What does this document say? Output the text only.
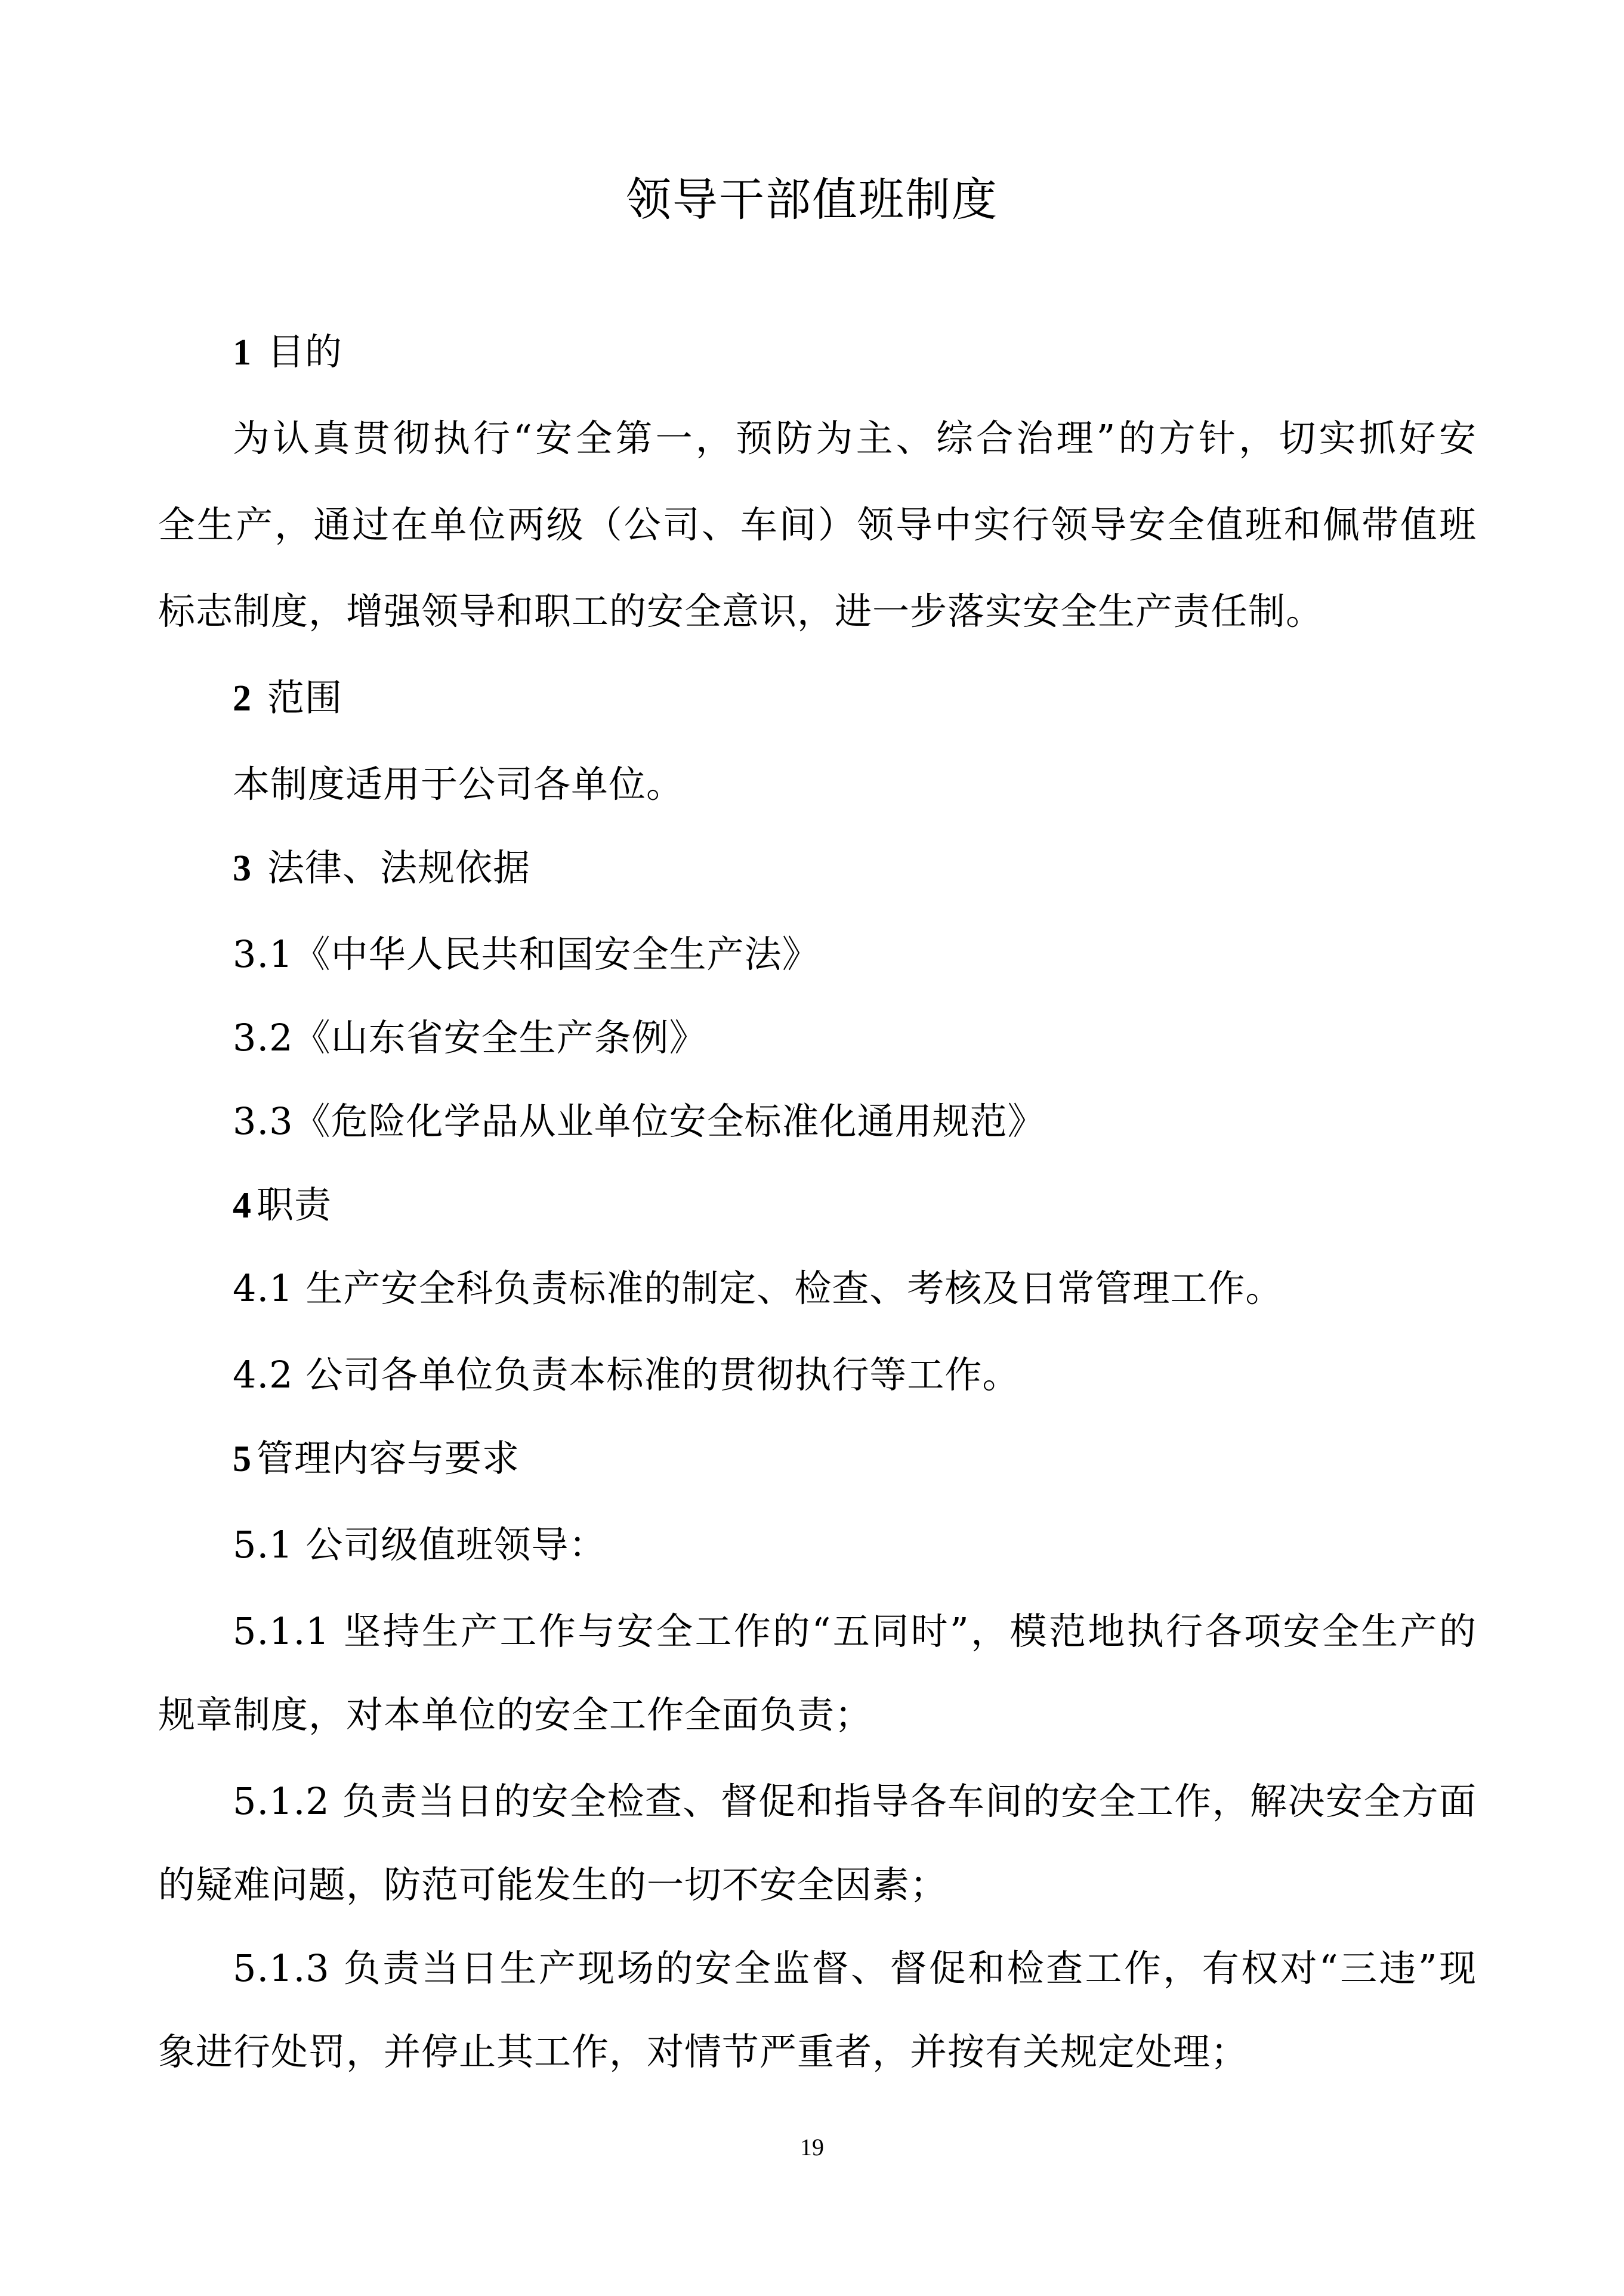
领导干部值班制度
1 目的
为认真贯彻执行“安全第一，预防为主、综合治理”的方针，切实抓好安
全生产，通过在单位两级（公司、车间）领导中实行领导安全值班和佩带值班
标志制度，增强领导和职工的安全意识，进一步落实安全生产责任制。
2 范围
本制度适用于公司各单位。
3 法律、法规依据
3.1《中华人民共和国安全生产法》
3.2《山东省安全生产条例》
3.3《危险化学品从业单位安全标准化通用规范》
4 职责
4.1 生产安全科负责标准的制定、检查、考核及日常管理工作。
4.2 公司各单位负责本标准的贯彻执行等工作。
5 管理内容与要求
5.1 公司级值班领导：
5.1.1 坚持生产工作与安全工作的“五同时”，模范地执行各项安全生产的
规章制度，对本单位的安全工作全面负责；
5.1.2 负责当日的安全检查、督促和指导各车间的安全工作，解决安全方面
的疑难问题，防范可能发生的一切不安全因素；
5.1.3 负责当日生产现场的安全监督、督促和检查工作，有权对“三违”现
象进行处罚，并停止其工作，对情节严重者，并按有关规定处理；
19
